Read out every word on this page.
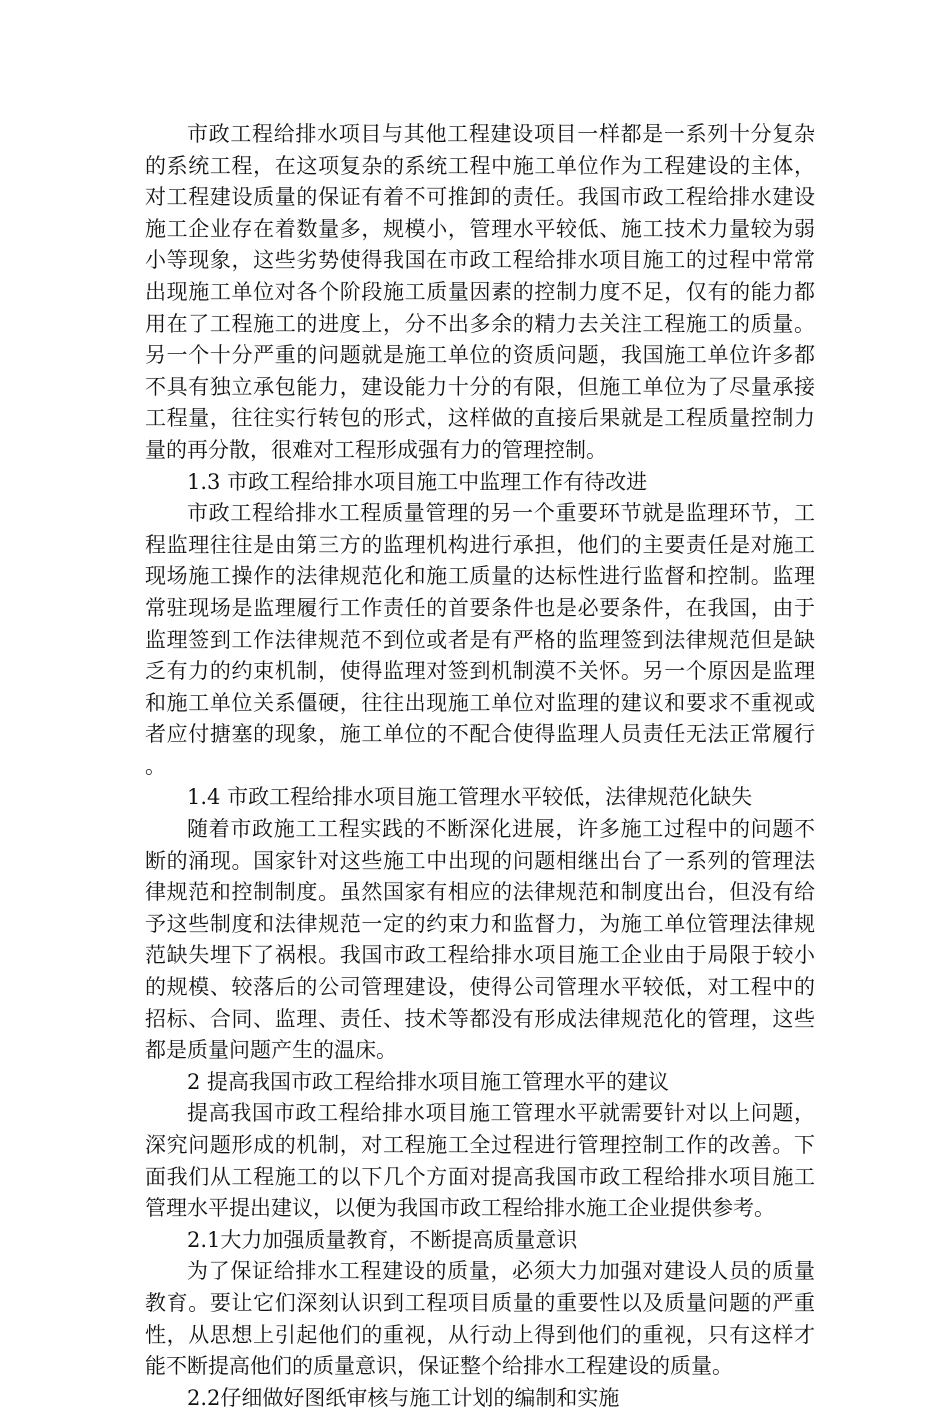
市政工程给排水项目与其他工程建设项目一样都是一系列十分复杂的系统工程，在这项复杂的系统工程中施工单位作为工程建设的主体，对工程建设质量的保证有着不可推卸的责任。我国市政工程给排水建设施工企业存在着数量多，规模小，管理水平较低、施工技术力量较为弱小等现象，这些劣势使得我国在市政工程给排水项目施工的过程中常常出现施工单位对各个阶段施工质量因素的控制力度不足，仅有的能力都用在了工程施工的进度上，分不出多余的精力去关注工程施工的质量。另一个十分严重的问题就是施工单位的资质问题，我国施工单位许多都不具有独立承包能力，建设能力十分的有限，但施工单位为了尽量承接工程量，往往实行转包的形式，这样做的直接后果就是工程质量控制力量的再分散，很难对工程形成强有力的管理控制。

1.3 市政工程给排水项目施工中监理工作有待改进

市政工程给排水工程质量管理的另一个重要环节就是监理环节，工程监理往往是由第三方的监理机构进行承担，他们的主要责任是对施工现场施工操作的法律规范化和施工质量的达标性进行监督和控制。监理常驻现场是监理履行工作责任的首要条件也是必要条件，在我国，由于监理签到工作法律规范不到位或者是有严格的监理签到法律规范但是缺乏有力的约束机制，使得监理对签到机制漠不关怀。另一个原因是监理和施工单位关系僵硬，往往出现施工单位对监理的建议和要求不重视或者应付搪塞的现象，施工单位的不配合使得监理人员责任无法正常履行。

1.4 市政工程给排水项目施工管理水平较低，法律规范化缺失

随着市政施工工程实践的不断深化进展，许多施工过程中的问题不断的涌现。国家针对这些施工中出现的问题相继出台了一系列的管理法律规范和控制制度。虽然国家有相应的法律规范和制度出台，但没有给予这些制度和法律规范一定的约束力和监督力，为施工单位管理法律规范缺失埋下了祸根。我国市政工程给排水项目施工企业由于局限于较小的规模、较落后的公司管理建设，使得公司管理水平较低，对工程中的招标、合同、监理、责任、技术等都没有形成法律规范化的管理，这些都是质量问题产生的温床。

2 提高我国市政工程给排水项目施工管理水平的建议

提高我国市政工程给排水项目施工管理水平就需要针对以上问题，深究问题形成的机制，对工程施工全过程进行管理控制工作的改善。下面我们从工程施工的以下几个方面对提高我国市政工程给排水项目施工管理水平提出建议，以便为我国市政工程给排水施工企业提供参考。

2.1大力加强质量教育，不断提高质量意识

为了保证给排水工程建设的质量，必须大力加强对建设人员的质量教育。要让它们深刻认识到工程项目质量的重要性以及质量问题的严重性，从思想上引起他们的重视，从行动上得到他们的重视，只有这样才能不断提高他们的质量意识，保证整个给排水工程建设的质量。

2.2仔细做好图纸审核与施工计划的编制和实施
